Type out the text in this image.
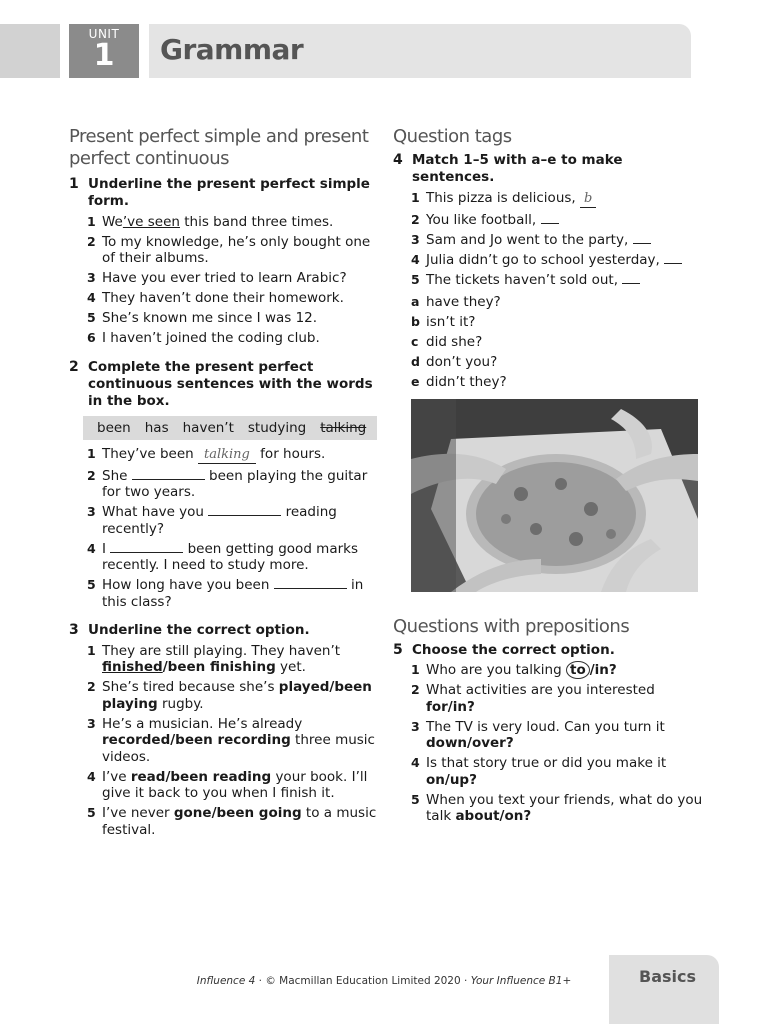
UNIT
1	Grammar
Present perfect simple and present perfect continuous
1 Underline the present perfect simple form.
1 We’ve seen this band three times.
2 To my knowledge, he’s only bought one of their albums.
3 Have you ever tried to learn Arabic?
4 They haven’t done their homework.
5 She’s known me since I was 12.
6 I haven’t joined the coding club.
2 Complete the present perfect continuous sentences with the words in the box.
been has haven’t studying talking
1 They’ve been talking for hours.
2 She	been playing the guitar for two years.
3 What have you	reading recently?
4 I	been getting good marks recently. I need to study more.
5 How long have you been	in this class?
3 Underline the correct option.
1 They are still playing. They haven’t finished/been finishing yet.
2 She’s tired because she’s played/been playing rugby.
3 He’s a musician. He’s already recorded/been recording three music videos.
4 I’ve read/been reading your book. I’ll give it back to you when I finish it.
5 I’ve never gone/been going to a music festival.
Question tags
4 Match 1–5 with a–e to make sentences.
1 This pizza is delicious, b
2 You like football,
3 Sam and Jo went to the party,
4 Julia didn’t go to school yesterday,
5 The tickets haven’t sold out,
a have they?
b isn’t it?
c did she?
d don’t you?
e didn’t they?
Questions with prepositions
5 Choose the correct option.
1 Who are you talking to /in?
2 What activities are you interested for/in?
3 The TV is very loud. Can you turn it down/over?
4 Is that story true or did you make it on/up?
5 When you text your friends, what do you talk about/on?
Influence 4 · © Macmillan Education Limited 2020 · Your Influence B1+	Basics
